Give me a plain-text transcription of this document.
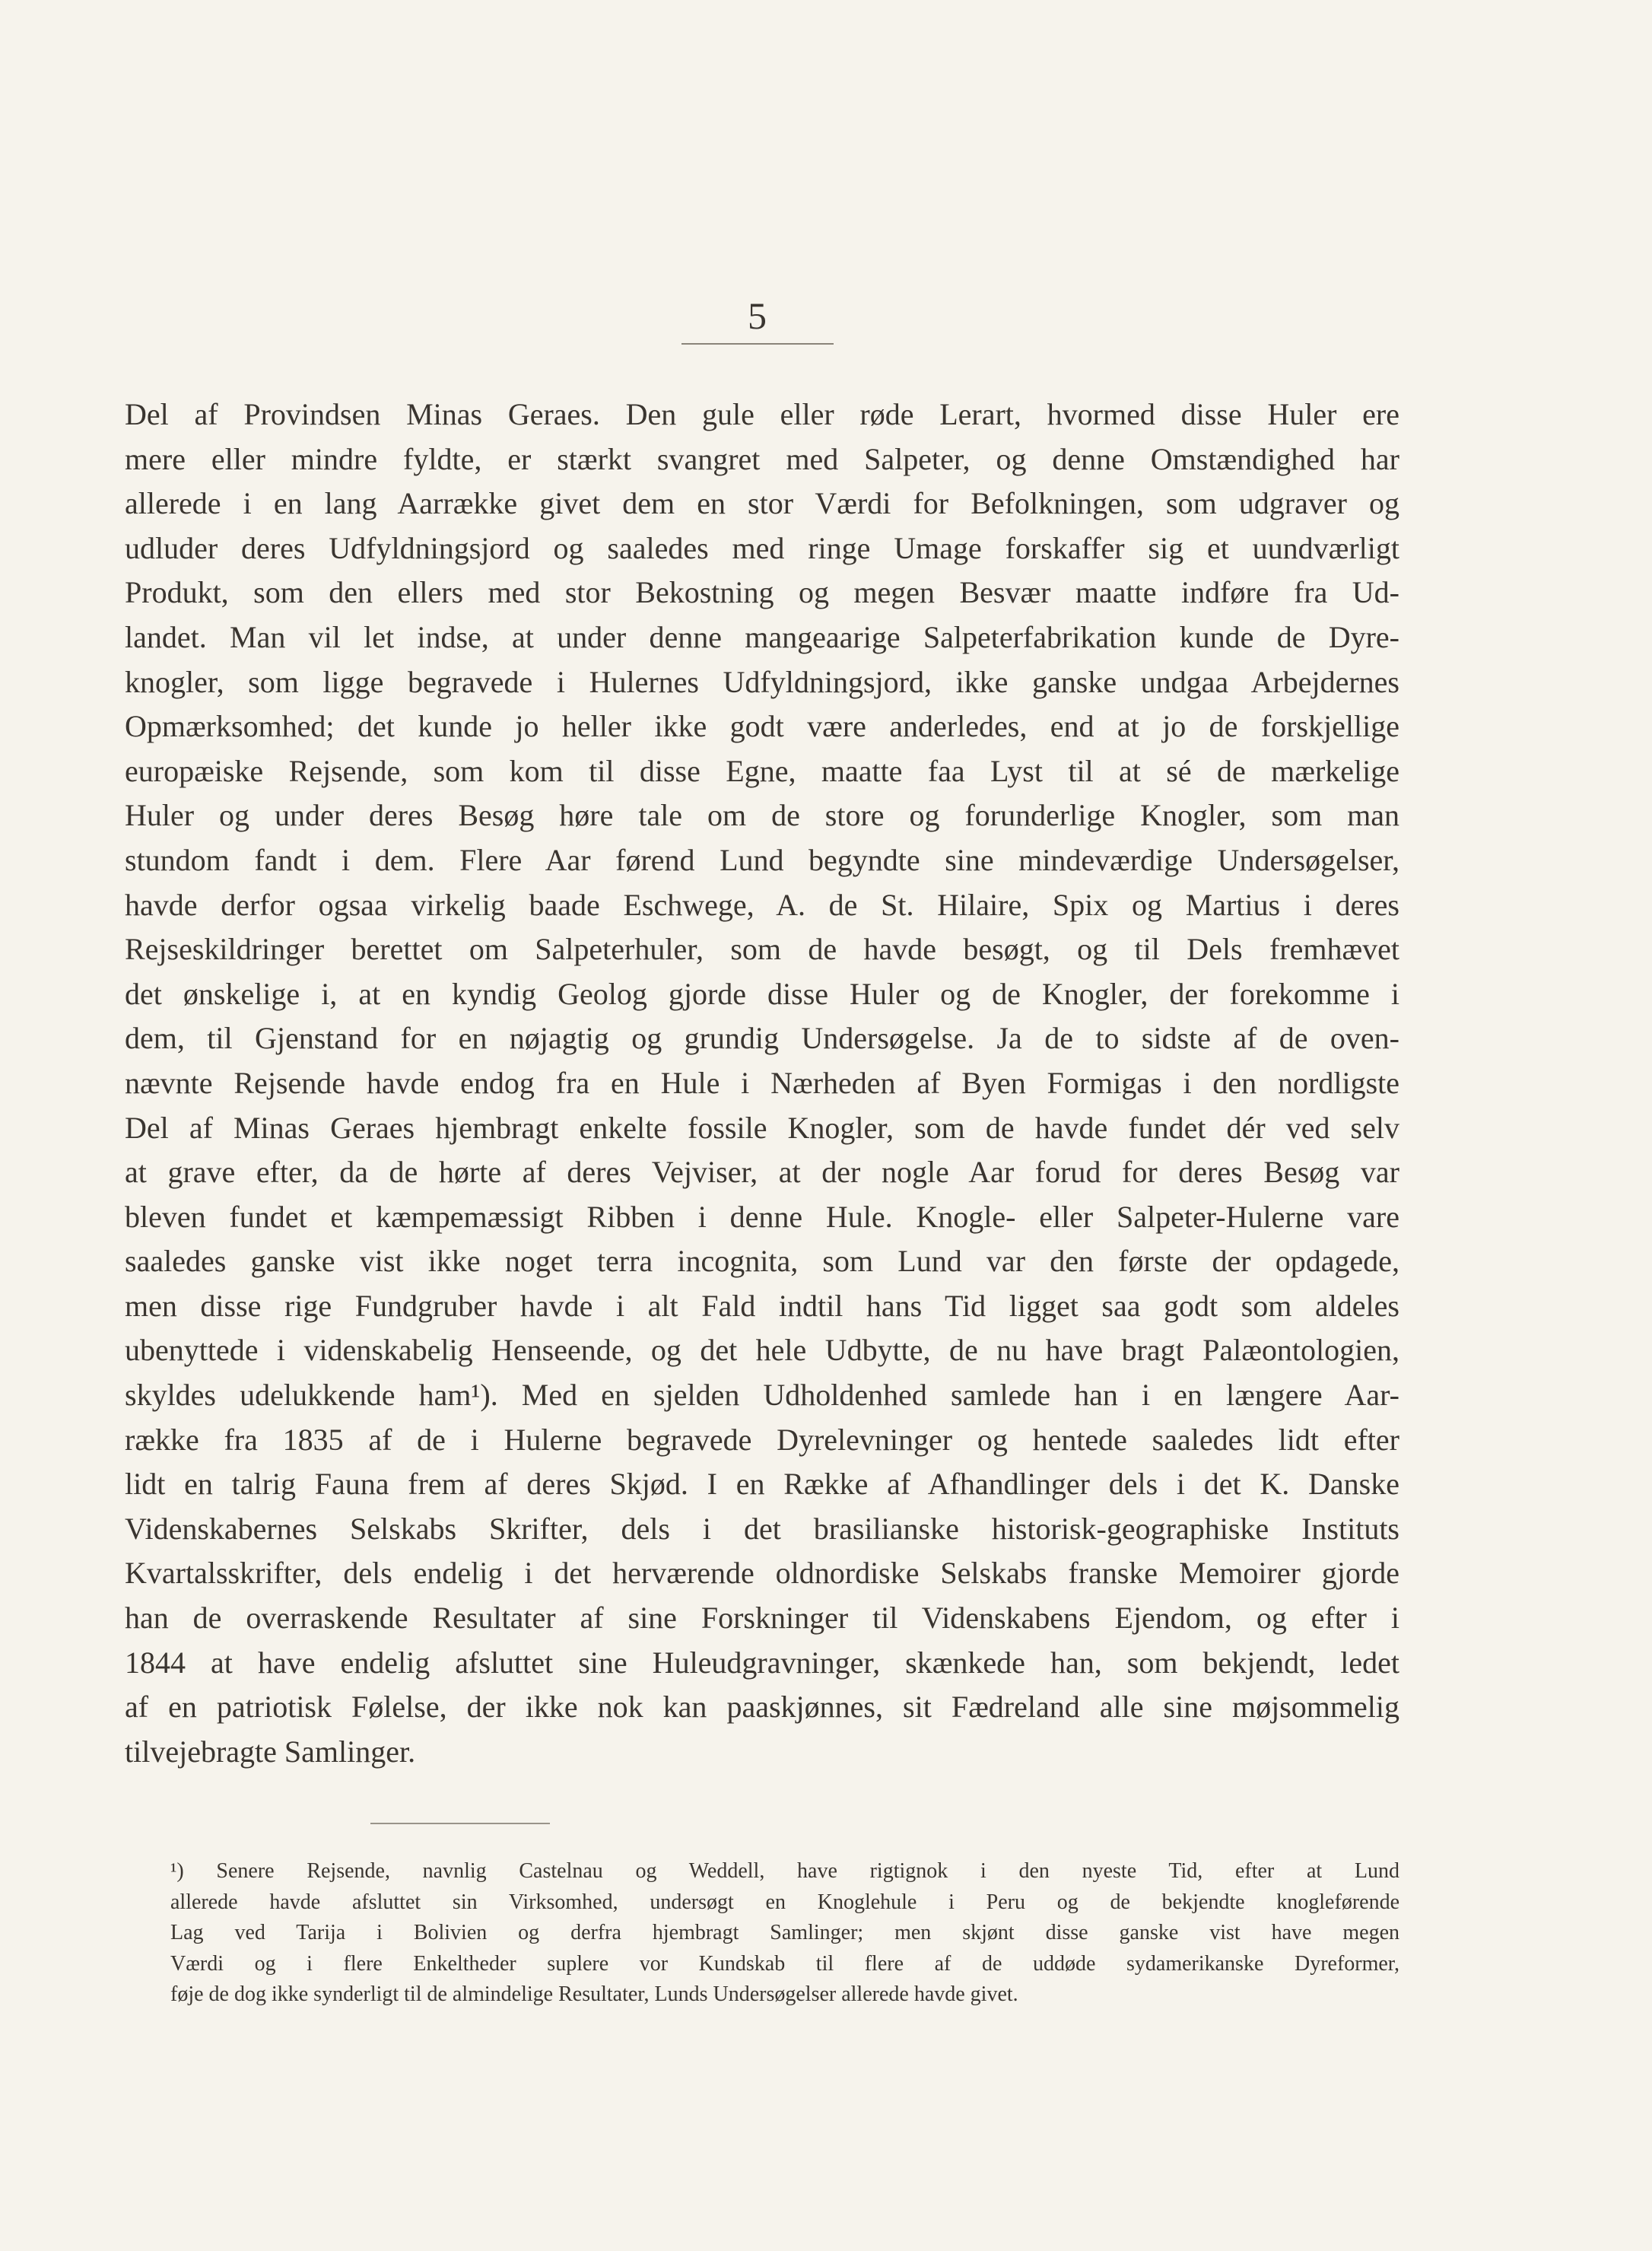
5
Del af Provindsen Minas Geraes. Den gule eller røde Lerart, hvormed disse Huler ere
mere eller mindre fyldte, er stærkt svangret med Salpeter, og denne Omstændighed har
allerede i en lang Aarrække givet dem en stor Værdi for Befolkningen, som udgraver og
udluder deres Udfyldningsjord og saaledes med ringe Umage forskaffer sig et uundværligt
Produkt, som den ellers med stor Bekostning og megen Besvær maatte indføre fra Ud-
landet. Man vil let indse, at under denne mangeaarige Salpeterfabrikation kunde de Dyre-
knogler, som ligge begravede i Hulernes Udfyldningsjord, ikke ganske undgaa Arbejdernes
Opmærksomhed; det kunde jo heller ikke godt være anderledes, end at jo de forskjellige
europæiske Rejsende, som kom til disse Egne, maatte faa Lyst til at sé de mærkelige
Huler og under deres Besøg høre tale om de store og forunderlige Knogler, som man
stundom fandt i dem. Flere Aar førend Lund begyndte sine mindeværdige Undersøgelser,
havde derfor ogsaa virkelig baade Eschwege, A. de St. Hilaire, Spix og Martius i deres
Rejseskildringer berettet om Salpeterhuler, som de havde besøgt, og til Dels fremhævet
det ønskelige i, at en kyndig Geolog gjorde disse Huler og de Knogler, der forekomme i
dem, til Gjenstand for en nøjagtig og grundig Undersøgelse. Ja de to sidste af de oven-
nævnte Rejsende havde endog fra en Hule i Nærheden af Byen Formigas i den nordligste
Del af Minas Geraes hjembragt enkelte fossile Knogler, som de havde fundet dér ved selv
at grave efter, da de hørte af deres Vejviser, at der nogle Aar forud for deres Besøg var
bleven fundet et kæmpemæssigt Ribben i denne Hule. Knogle- eller Salpeter-Hulerne vare
saaledes ganske vist ikke noget terra incognita, som Lund var den første der opdagede,
men disse rige Fundgruber havde i alt Fald indtil hans Tid ligget saa godt som aldeles
ubenyttede i videnskabelig Henseende, og det hele Udbytte, de nu have bragt Palæontologien,
skyldes udelukkende ham¹). Med en sjelden Udholdenhed samlede han i en længere Aar-
række fra 1835 af de i Hulerne begravede Dyrelevninger og hentede saaledes lidt efter
lidt en talrig Fauna frem af deres Skjød. I en Række af Afhandlinger dels i det K. Danske
Videnskabernes Selskabs Skrifter, dels i det brasilianske historisk-geographiske Instituts
Kvartalsskrifter, dels endelig i det herværende oldnordiske Selskabs franske Memoirer gjorde
han de overraskende Resultater af sine Forskninger til Videnskabens Ejendom, og efter i
1844 at have endelig afsluttet sine Huleudgravninger, skænkede han, som bekjendt, ledet
af en patriotisk Følelse, der ikke nok kan paaskjønnes, sit Fædreland alle sine møjsommelig
tilvejebragte Samlinger.
¹) Senere Rejsende, navnlig Castelnau og Weddell, have rigtignok i den nyeste Tid, efter at Lund
allerede havde afsluttet sin Virksomhed, undersøgt en Knoglehule i Peru og de bekjendte knogleførende
Lag ved Tarija i Bolivien og derfra hjembragt Samlinger; men skjønt disse ganske vist have megen
Værdi og i flere Enkeltheder suplere vor Kundskab til flere af de uddøde sydamerikanske Dyreformer,
føje de dog ikke synderligt til de almindelige Resultater, Lunds Undersøgelser allerede havde givet.
